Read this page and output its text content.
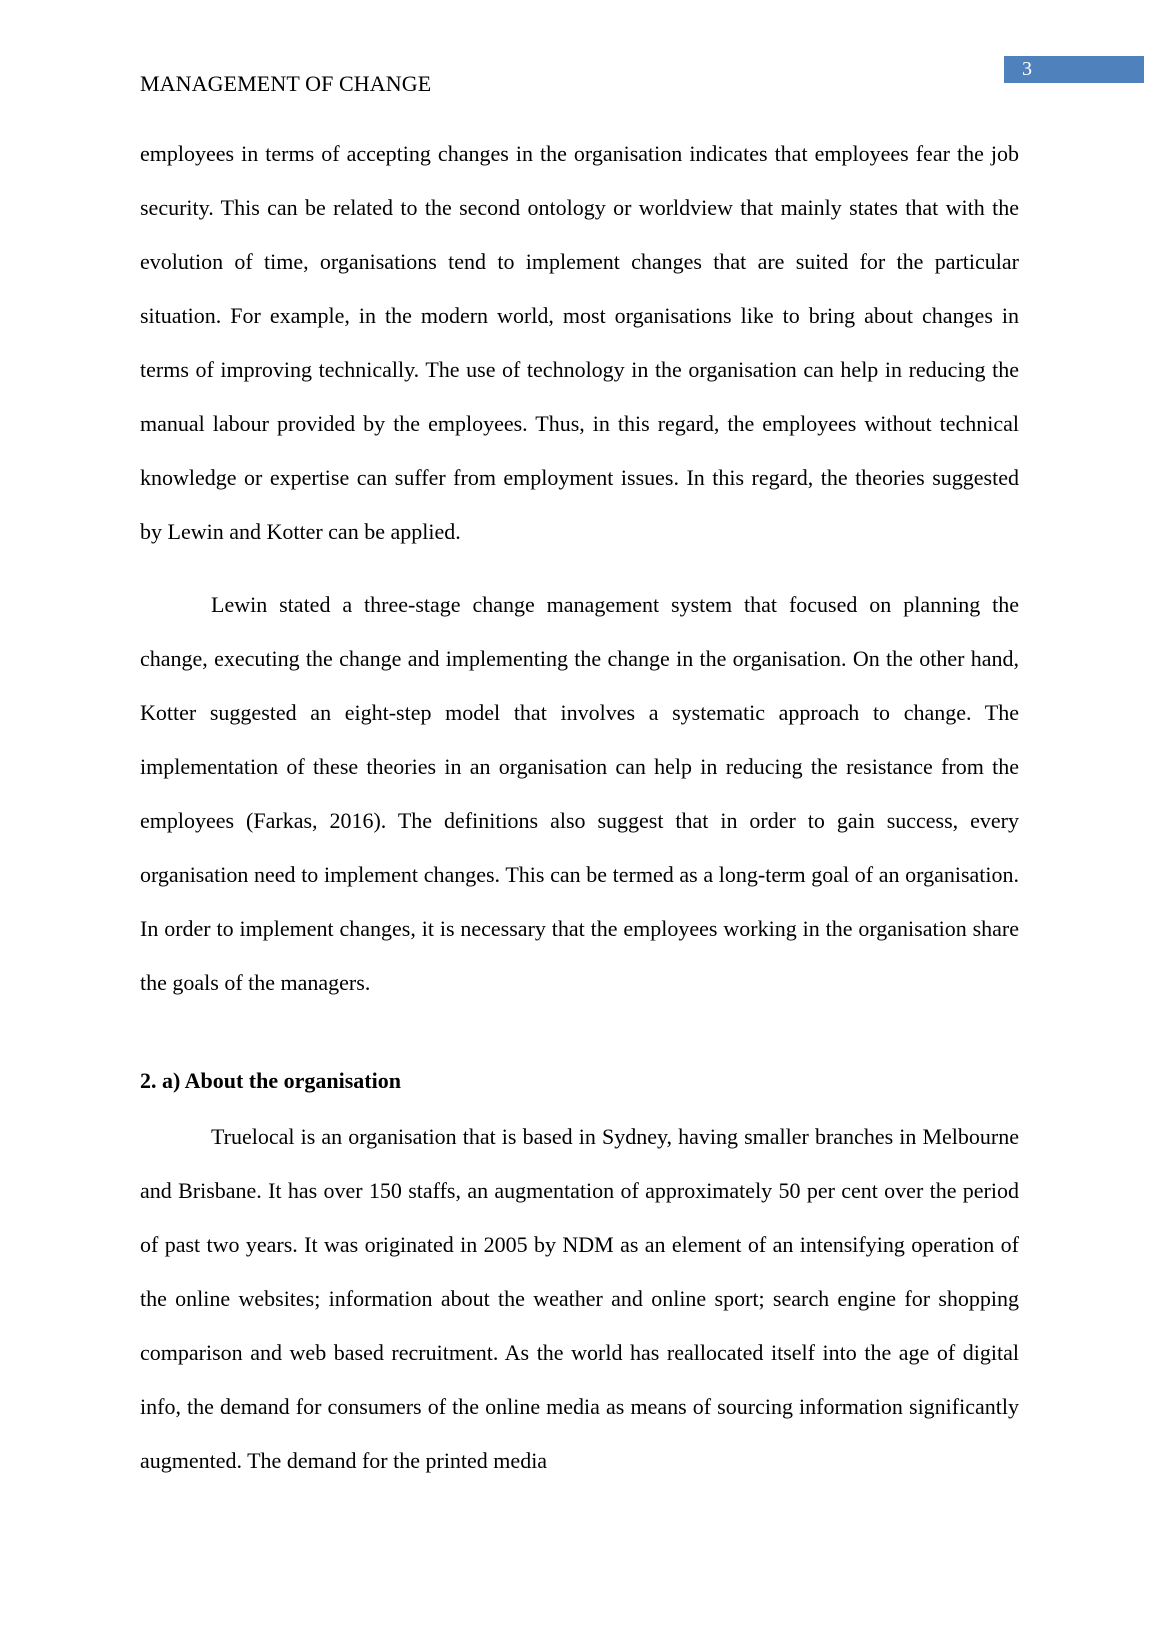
3
MANAGEMENT OF CHANGE

employees in terms of accepting changes in the organisation indicates that employees fear the job security. This can be related to the second ontology or worldview that mainly states that with the evolution of time, organisations tend to implement changes that are suited for the particular situation. For example, in the modern world, most organisations like to bring about changes in terms of improving technically. The use of technology in the organisation can help in reducing the manual labour provided by the employees. Thus, in this regard, the employees without technical knowledge or expertise can suffer from employment issues. In this regard, the theories suggested by Lewin and Kotter can be applied.

Lewin stated a three-stage change management system that focused on planning the change, executing the change and implementing the change in the organisation. On the other hand, Kotter suggested an eight-step model that involves a systematic approach to change. The implementation of these theories in an organisation can help in reducing the resistance from the employees (Farkas, 2016). The definitions also suggest that in order to gain success, every organisation need to implement changes. This can be termed as a long-term goal of an organisation. In order to implement changes, it is necessary that the employees working in the organisation share the goals of the managers.

2. a) About the organisation

Truelocal is an organisation that is based in Sydney, having smaller branches in Melbourne and Brisbane. It has over 150 staffs, an augmentation of approximately 50 per cent over the period of past two years. It was originated in 2005 by NDM as an element of an intensifying operation of the online websites; information about the weather and online sport; search engine for shopping comparison and web based recruitment. As the world has reallocated itself into the age of digital info, the demand for consumers of the online media as means of sourcing information significantly augmented. The demand for the printed media
